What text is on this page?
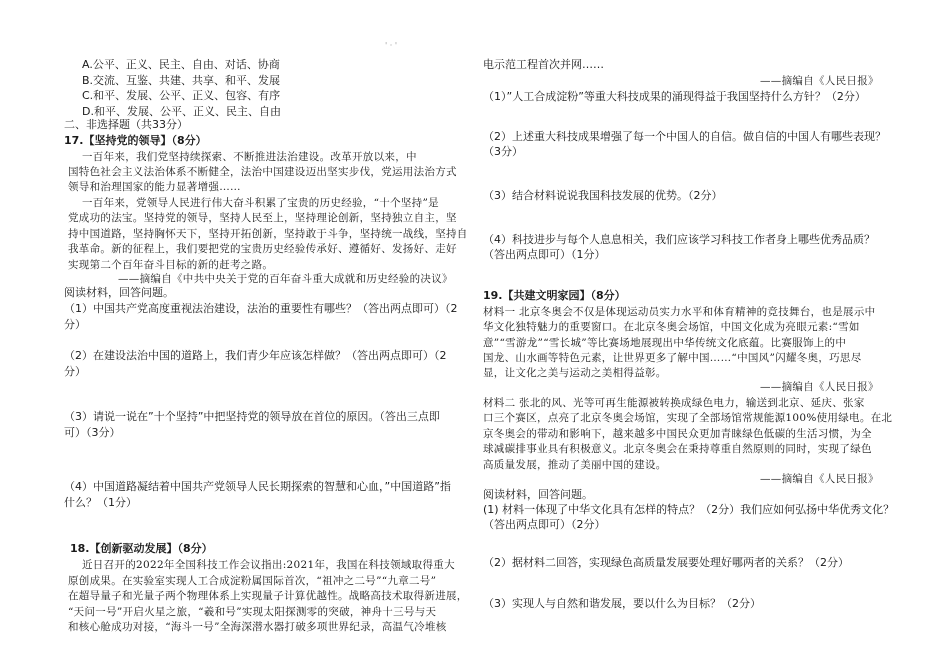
' · '
A.公平、正义、民主、自由、对话、协商
B.交流、互鉴、共建、共享、和平、发展
C.和平、发展、公平、正义、包容、有序
D.和平、发展、公平、正义、民主、自由
二、非选择题（共33分）
17.【坚持党的领导】（8分）
一百年来，我们党坚持续探索、不断推进法治建设。改革开放以来，中
国特色社会主义法治体系不断健全，法治中国建设迈出坚实步伐，党运用法治方式
领导和治理国家的能力显著增强……
一百年来，党领导人民进行伟大奋斗积累了宝贵的历史经验，“十个坚持”是
党成功的法宝。坚持党的领导，坚持人民至上，坚持理论创新，坚持独立自主，坚
持中国道路，坚持胸怀天下，坚持开拓创新，坚持敢于斗争，坚持统一战线，坚持自
我革命。新的征程上，我们要把党的宝贵历史经验传承好、遵循好、发扬好、走好
实现第二个百年奋斗目标的新的赶考之路。
——摘编自《中共中央关于党的百年奋斗重大成就和历史经验的决议》
阅读材料，回答问题。
（1）中国共产党高度重视法治建设，法治的重要性有哪些？（答出两点即可）（2
分）
（2）在建设法治中国的道路上，我们青少年应该怎样做？（答出两点即可）（2
分）
（3）请说一说在”十个坚持”中把坚持党的领导放在首位的原因。（答出三点即
可）（3分）
（4）中国道路凝结着中国共产党领导人民长期探索的智慧和心血，”中国道路”指
什么？（1分）
18.【创新驱动发展】（8分）
近日召开的2022年全国科技工作会议指出:2021年，我国在科技领域取得重大
原创成果。在实验室实现人工合成淀粉属国际首次，“祖冲之二号”“九章二号”
在超导量子和光量子两个物理体系上实现量子计算优越性。战略高技术取得新进展，
“天问一号”开启火星之旅，“羲和号”实现太阳探测零的突破，神舟十三号与天
和核心舱成功对接，“海斗一号”全海深潜水器打破多项世界纪录，高温气冷堆核
电示范工程首次并网……
——摘编自《人民日报》
（1）”人工合成淀粉”等重大科技成果的涌现得益于我国坚持什么方针？（2分）
（2）上述重大科技成果增强了每一个中国人的自信。做自信的中国人有哪些表现？
（3分）
（3）结合材料说说我国科技发展的优势。（2分）
（4）科技进步与每个人息息相关，我们应该学习科技工作者身上哪些优秀品质？
（答出两点即可）（1分）
19.【共建文明家园】（8分）
材料一 北京冬奥会不仅是体现运动员实力水平和体育精神的竞技舞台，也是展示中
华文化独特魅力的重要窗口。在北京冬奥会场馆，中国文化成为亮眼元素:“雪如
意”“雪游龙”“雪长城”等比赛场地展现出中华传统文化底蕴。比赛服饰上的中
国龙、山水画等特色元素，让世界更多了解中国……“中国风”闪耀冬奥，巧思尽
显，让文化之美与运动之美相得益彰。
——摘编自《人民日报》
材料二 张北的风、光等可再生能源被转换成绿色电力，输送到北京、延庆、张家
口三个赛区，点亮了北京冬奥会场馆，实现了全部场馆常规能源100%使用绿电。在北
京冬奥会的带动和影响下，越来越多中国民众更加青睐绿色低碳的生活习惯，为全
球减碳排事业具有积极意义。北京冬奥会在秉持尊重自然原则的同时，实现了绿色
高质量发展，推动了美丽中国的建设。
——摘编自《人民日报》
阅读材料，回答问题。
(1) 材料一体现了中华文化具有怎样的特点？（2分）我们应如何弘扬中华优秀文化？
（答出两点即可）（2分）
（2）据材料二回答，实现绿色高质量发展要处理好哪两者的关系？（2分）
（3）实现人与自然和谐发展，要以什么为目标？（2分）
